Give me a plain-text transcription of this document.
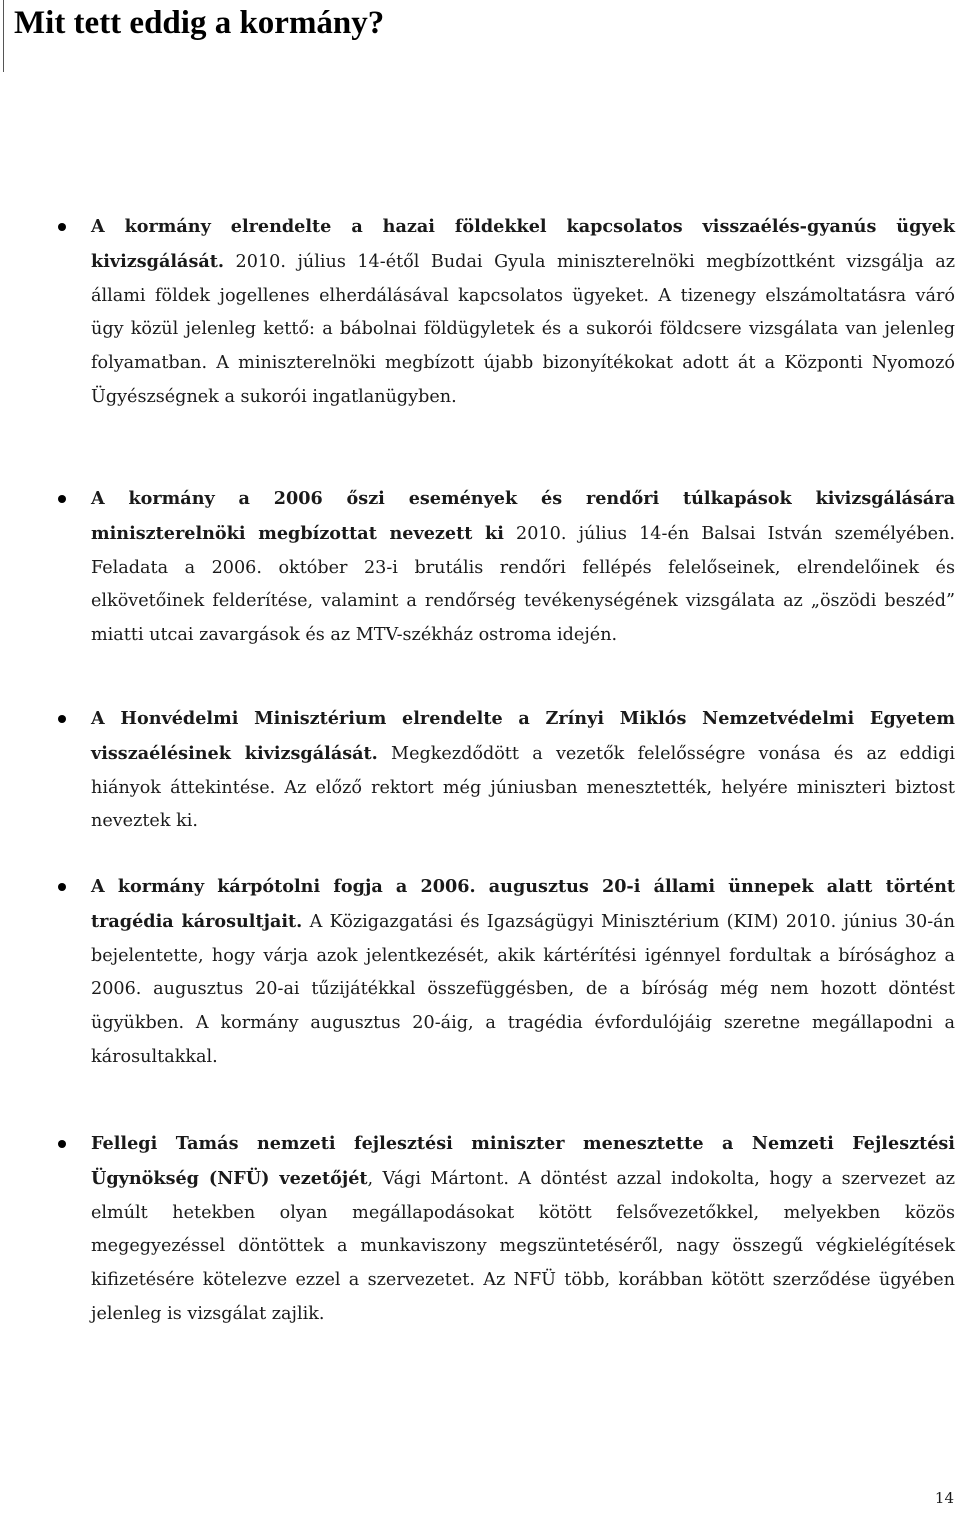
Mit tett eddig a kormány?
A kormány elrendelte a hazai földekkel kapcsolatos visszaélés-gyanús ügyek kivizsgálását. 2010. július 14-étől Budai Gyula miniszterelnöki megbízottként vizsgálja az állami földek jogellenes elherdálásával kapcsolatos ügyeket. A tizenegy elszámoltatásra váró ügy közül jelenleg kettő: a bábolnai földügyletek és a sukorói földcsere vizsgálata van jelenleg folyamatban. A miniszterelnöki megbízott újabb bizonyítékokat adott át a Központi Nyomozó Ügyészségnek a sukorói ingatlanügyben.
A kormány a 2006 őszi események és rendőri túlkapások kivizsgálására miniszterelnöki megbízottat nevezett ki 2010. július 14-én Balsai István személyében. Feladata a 2006. október 23-i brutális rendőri fellépés felelőseinek, elrendelőinek és elkövetőinek felderítése, valamint a rendőrség tevékenységének vizsgálata az „öszödi beszéd” miatti utcai zavargások és az MTV-székház ostroma idején.
A Honvédelmi Minisztérium elrendelte a Zrínyi Miklós Nemzetvédelmi Egyetem visszaélésinek kivizsgálását. Megkezdődött a vezetők felelősségre vonása és az eddigi hiányok áttekintése. Az előző rektort még júniusban menesztették, helyére miniszteri biztost neveztek ki.
A kormány kárpótolni fogja a 2006. augusztus 20-i állami ünnepek alatt történt tragédia károsultjait. A Közigazgatási és Igazságügyi Minisztérium (KIM) 2010. június 30-án bejelentette, hogy várja azok jelentkezését, akik kártérítési igénnyel fordultak a bírósághoz a 2006. augusztus 20-ai tűzijátékkal összefüggésben, de a bíróság még nem hozott döntést ügyükben. A kormány augusztus 20-áig, a tragédia évfordulójáig szeretne megállapodni a károsultakkal.
Fellegi Tamás nemzeti fejlesztési miniszter menesztette a Nemzeti Fejlesztési Ügynökség (NFÜ) vezetőjét, Vági Mártont. A döntést azzal indokolta, hogy a szervezet az elmúlt hetekben olyan megállapodásokat kötött felsővezetőkkel, melyekben közös megegyezéssel döntöttek a munkaviszony megszüntetéséről, nagy összegű végkielégítések kifizetésére kötelezve ezzel a szervezetet. Az NFÜ több, korábban kötött szerződése ügyében jelenleg is vizsgálat zajlik.
14
